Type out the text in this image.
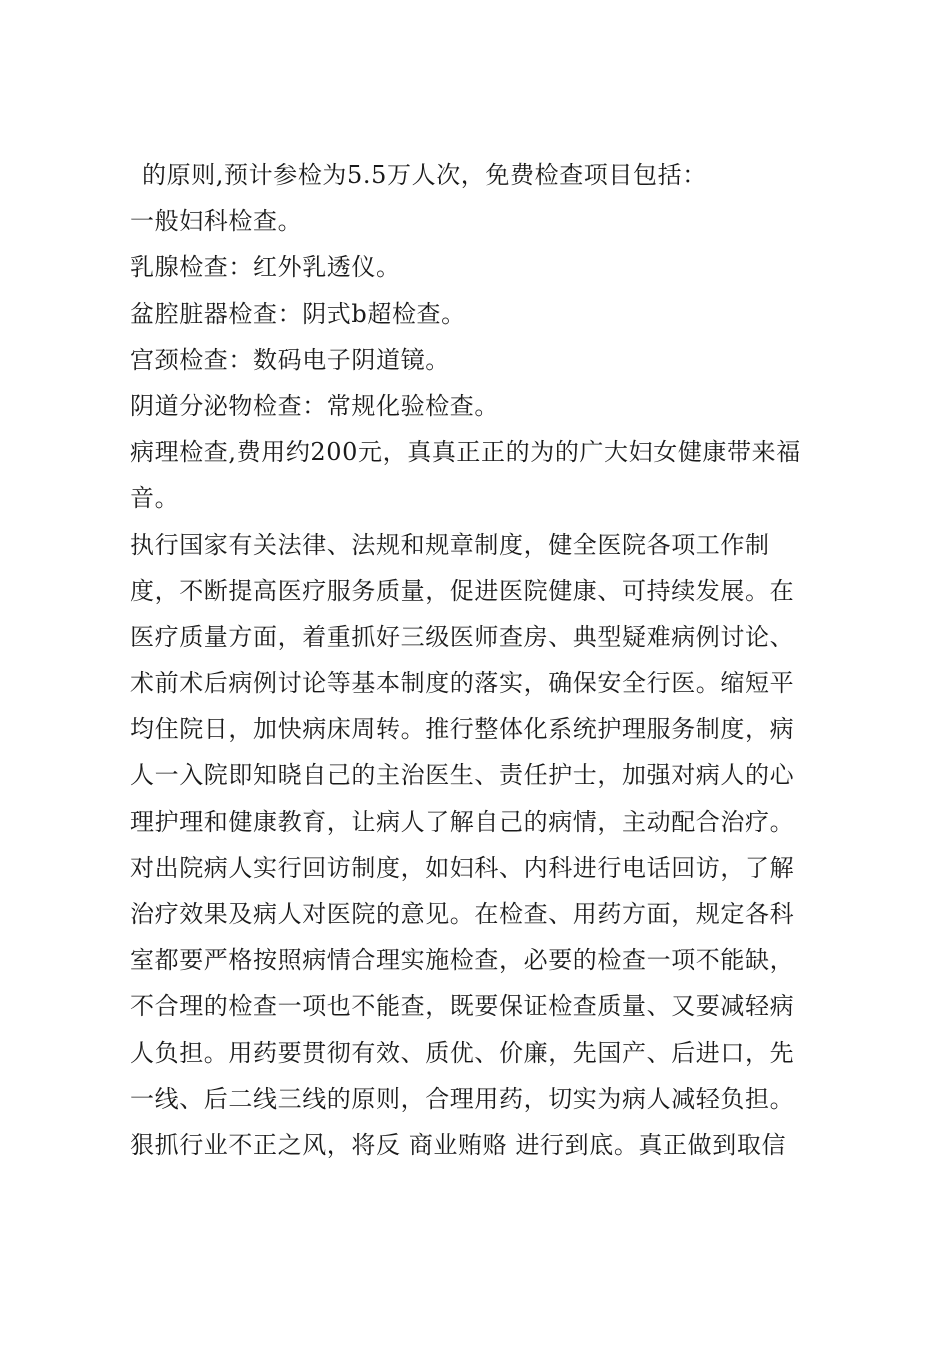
的原则,预计参检为5.5万人次，免费检查项目包括：
一般妇科检查。
乳腺检查：红外乳透仪。
盆腔脏器检查：阴式b超检查。
宫颈检查：数码电子阴道镜。
阴道分泌物检查：常规化验检查。
病理检查,费用约200元，真真正正的为的广大妇女健康带来福
音。
执行国家有关法律、法规和规章制度，健全医院各项工作制
度，不断提高医疗服务质量，促进医院健康、可持续发展。在
医疗质量方面，着重抓好三级医师查房、典型疑难病例讨论、
术前术后病例讨论等基本制度的落实，确保安全行医。缩短平
均住院日，加快病床周转。推行整体化系统护理服务制度，病
人一入院即知晓自己的主治医生、责任护士，加强对病人的心
理护理和健康教育，让病人了解自己的病情，主动配合治疗。
对出院病人实行回访制度，如妇科、内科进行电话回访，了解
治疗效果及病人对医院的意见。在检查、用药方面，规定各科
室都要严格按照病情合理实施检查，必要的检查一项不能缺，
不合理的检查一项也不能查，既要保证检查质量、又要减轻病
人负担。用药要贯彻有效、质优、价廉，先国产、后进口，先
一线、后二线三线的原则，合理用药，切实为病人减轻负担。
狠抓行业不正之风，将反 商业贿赂 进行到底。真正做到取信
